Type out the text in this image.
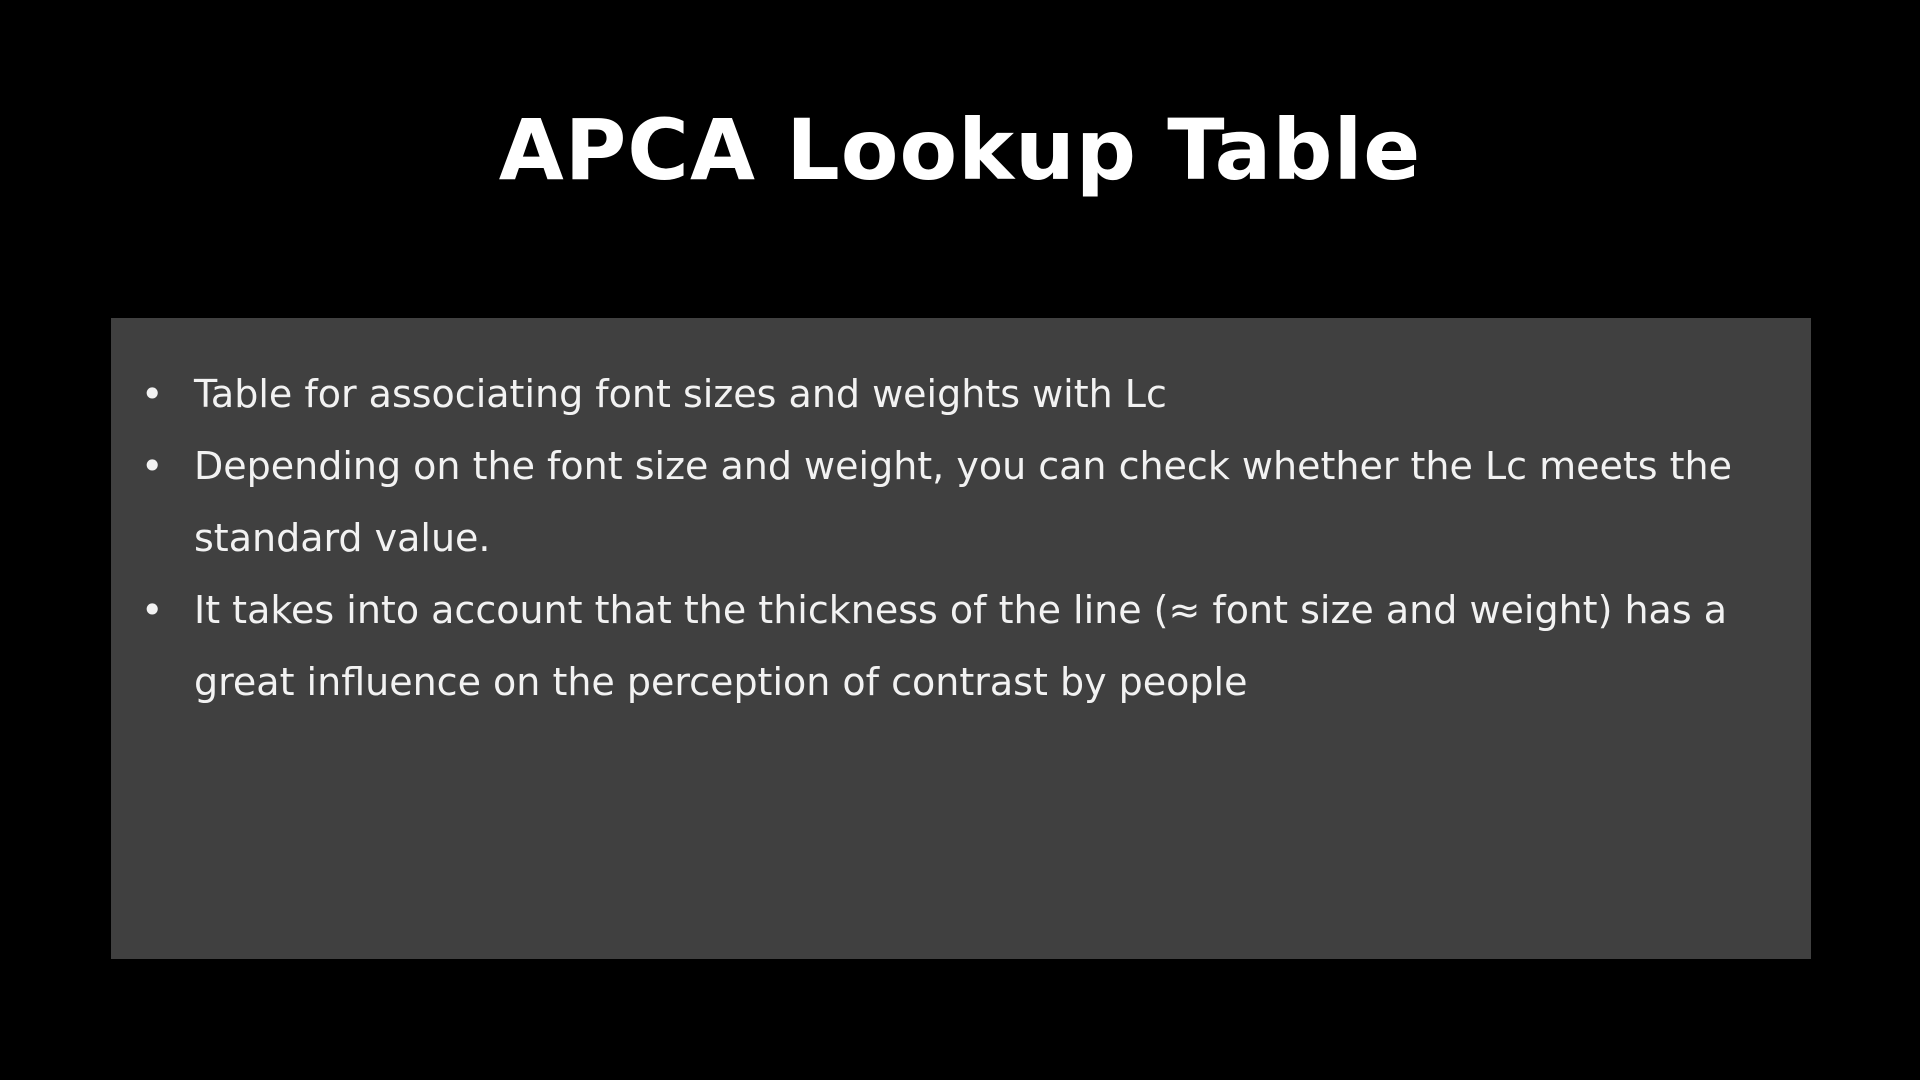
APCA Lookup Table
• Table for associating font sizes and weights with Lc
• Depending on the font size and weight, you can check whether the Lc meets the standard value.
• It takes into account that the thickness of the line (≈ font size and weight) has a great influence on the perception of contrast by people
